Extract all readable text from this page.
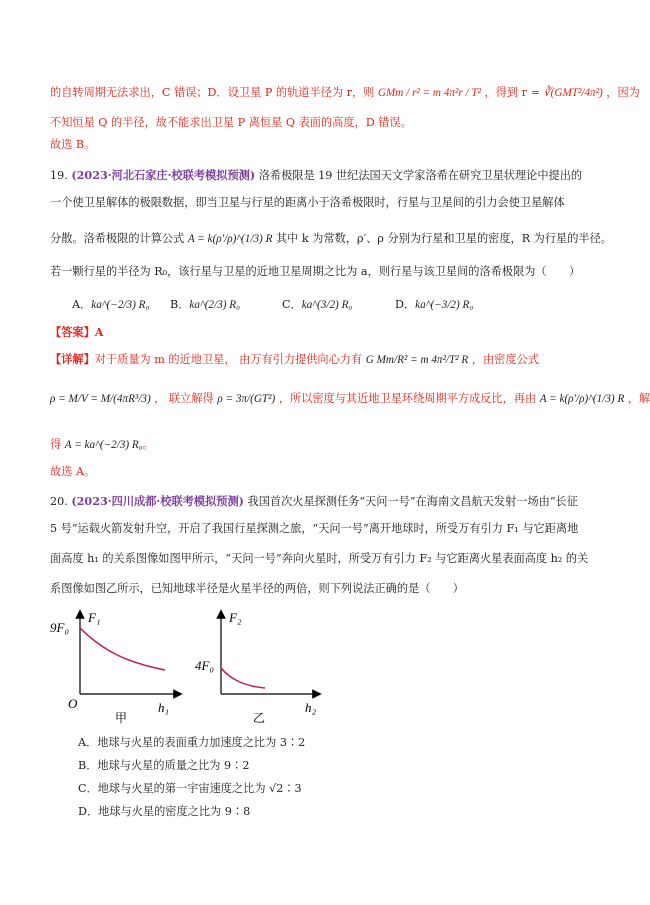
的自转周期无法求出，C 错误；D．设卫星 P 的轨道半径为 r，则 GMm / r² = m 4π²r / T² ，得到 r = ∛(GMT²/4π²) ，因为
不知恒星 Q 的半径，故不能求出卫星 P 离恒星 Q 表面的高度，D 错误。
故选 B。
19. (2023·河北石家庄·校联考模拟预测) 洛希极限是 19 世纪法国天文学家洛希在研究卫星状理论中提出的
一个使卫星解体的极限数据，即当卫星与行星的距离小于洛希极限时，行星与卫星间的引力会使卫星解体
分散。洛希极限的计算公式 A = k(ρ′/ρ)^(1/3) R 其中 k 为常数，ρ′、ρ 分别为行星和卫星的密度，R 为行星的半径。
若一颗行星的半径为 R₀，该行星与卫星的近地卫星周期之比为 a，则行星与该卫星间的洛希极限为（　　）
A．ka^(−2/3) R₀ B．ka^(2/3) R₀	C．ka^(3/2) R₀	D．ka^(−3/2) R₀
【答案】A
【详解】对于质量为 m 的近地卫星， 由万有引力提供向心力有 G Mm/R² = m 4π²/T² R ，由密度公式
ρ = M/V = M/(4πR³/3) ， 联立解得 ρ = 3π/(GT²) ，所以密度与其近地卫星环绕周期平方成反比，再由 A = k(ρ′/ρ)^(1/3) R ，解
得 A = ka^(−2/3) R₀。
故选 A。
20. (2023·四川成都·校联考模拟预测) 我国首次火星探测任务“天问一号”在海南文昌航天发射一场由“长征
5 号”运载火箭发射升空，开启了我国行星探测之旅，“天问一号”离开地球时，所受万有引力 F₁ 与它距离地
面高度 h₁ 的关系图像如图甲所示，“天问一号”奔向火星时，所受万有引力 F₂ 与它距离火星表面高度 h₂ 的关
系图像如图乙所示，已知地球半径是火星半径的两倍，则下列说法正确的是（　　）
F₁
9F₀
O	h₁
甲
F₂
4F₀
h₂
乙
A．地球与火星的表面重力加速度之比为 3∶2
B．地球与火星的质量之比为 9∶2
C．地球与火星的第一宇宙速度之比为 √2∶3
D．地球与火星的密度之比为 9∶8
